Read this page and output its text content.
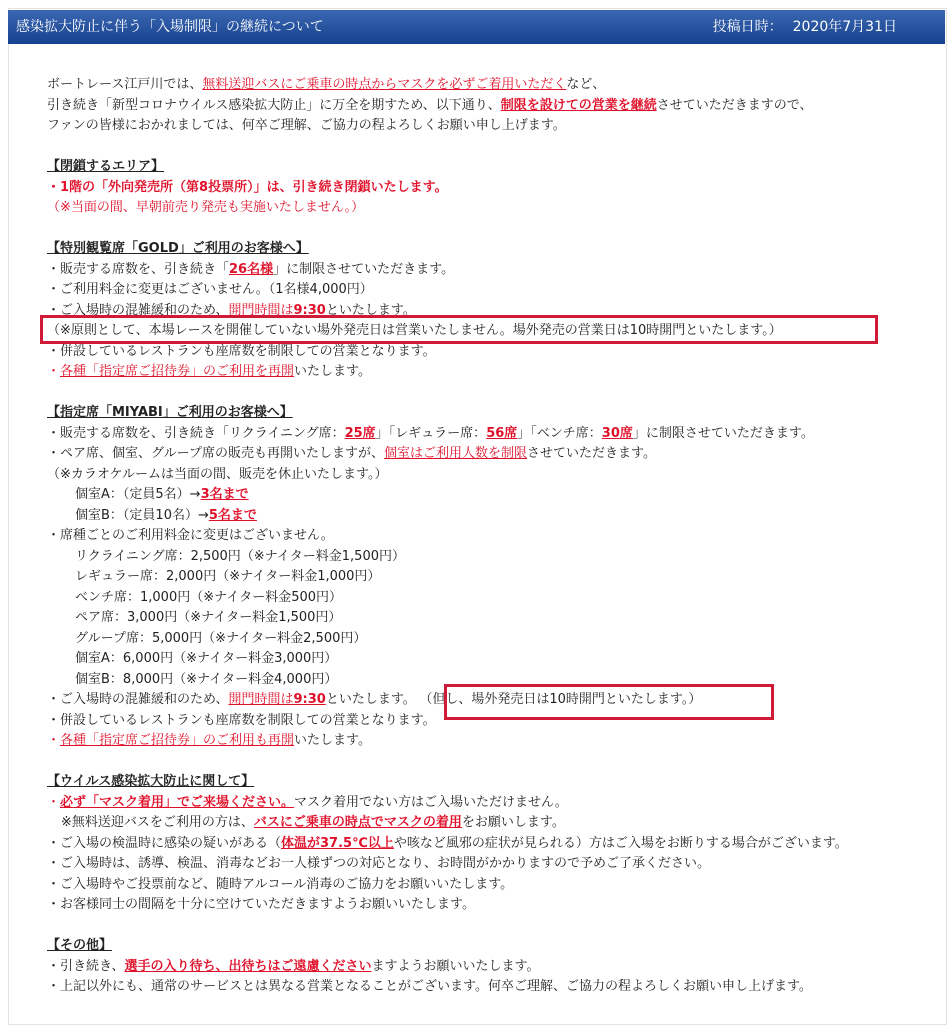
感染拡大防止に伴う「入場制限」の継続について	投稿日時： 2020年7月31日
ボートレース江戸川では、無料送迎バスにご乗車の時点からマスクを必ずご着用いただくなど、
引き続き「新型コロナウイルス感染拡大防止」に万全を期すため、以下通り、制限を設けての営業を継続させていただきますので、
ファンの皆様におかれましては、何卒ご理解、ご協力の程よろしくお願い申し上げます。
【閉鎖するエリア】
・1階の「外向発売所（第8投票所）」は、引き続き閉鎖いたします。
（※当面の間、早朝前売り発売も実施いたしません。）
【特別観覧席「GOLD」ご利用のお客様へ】
・販売する席数を、引き続き「26名様」に制限させていただきます。
・ご利用料金に変更はございません。（1名様4,000円）
・ご入場時の混雑緩和のため、開門時間は9:30といたします。
（※原則として、本場レースを開催していない場外発売日は営業いたしません。場外発売の営業日は10時開門といたします。）
・併設しているレストランも座席数を制限しての営業となります。
・各種「指定席ご招待券」のご利用を再開いたします。
【指定席「MIYABI」ご利用のお客様へ】
・販売する席数を、引き続き「リクライニング席：25席」「レギュラー席：56席」「ベンチ席：30席」に制限させていただきます。
・ペア席、個室、グループ席の販売も再開いたしますが、個室はご利用人数を制限させていただきます。
（※カラオケルームは当面の間、販売を休止いたします。）
個室A：（定員5名）→3名まで
個室B：（定員10名）→5名まで
・席種ごとのご利用料金に変更はございません。
リクライニング席：2,500円（※ナイター料金1,500円）
レギュラー席：2,000円（※ナイター料金1,000円）
ベンチ席：1,000円（※ナイター料金500円）
ペア席：3,000円（※ナイター料金1,500円）
グループ席：5,000円（※ナイター料金2,500円）
個室A：6,000円（※ナイター料金3,000円）
個室B：8,000円（※ナイター料金4,000円）
・ご入場時の混雑緩和のため、開門時間は9:30といたします。 （但し、場外発売日は10時開門といたします。）
・併設しているレストランも座席数を制限しての営業となります。
・各種「指定席ご招待券」のご利用も再開いたします。
【ウイルス感染拡大防止に関して】
・必ず「マスク着用」でご来場ください。マスク着用でない方はご入場いただけません。
※無料送迎バスをご利用の方は、バスにご乗車の時点でマスクの着用をお願いします。
・ご入場の検温時に感染の疑いがある（体温が37.5℃以上や咳など風邪の症状が見られる）方はご入場をお断りする場合がございます。
・ご入場時は、誘導、検温、消毒などお一人様ずつの対応となり、お時間がかかりますので予めご了承ください。
・ご入場時やご投票前など、随時アルコール消毒のご協力をお願いいたします。
・お客様同士の間隔を十分に空けていただきますようお願いいたします。
【その他】
・引き続き、選手の入り待ち、出待ちはご遠慮くださいますようお願いいたします。
・上記以外にも、通常のサービスとは異なる営業となることがございます。何卒ご理解、ご協力の程よろしくお願い申し上げます。
